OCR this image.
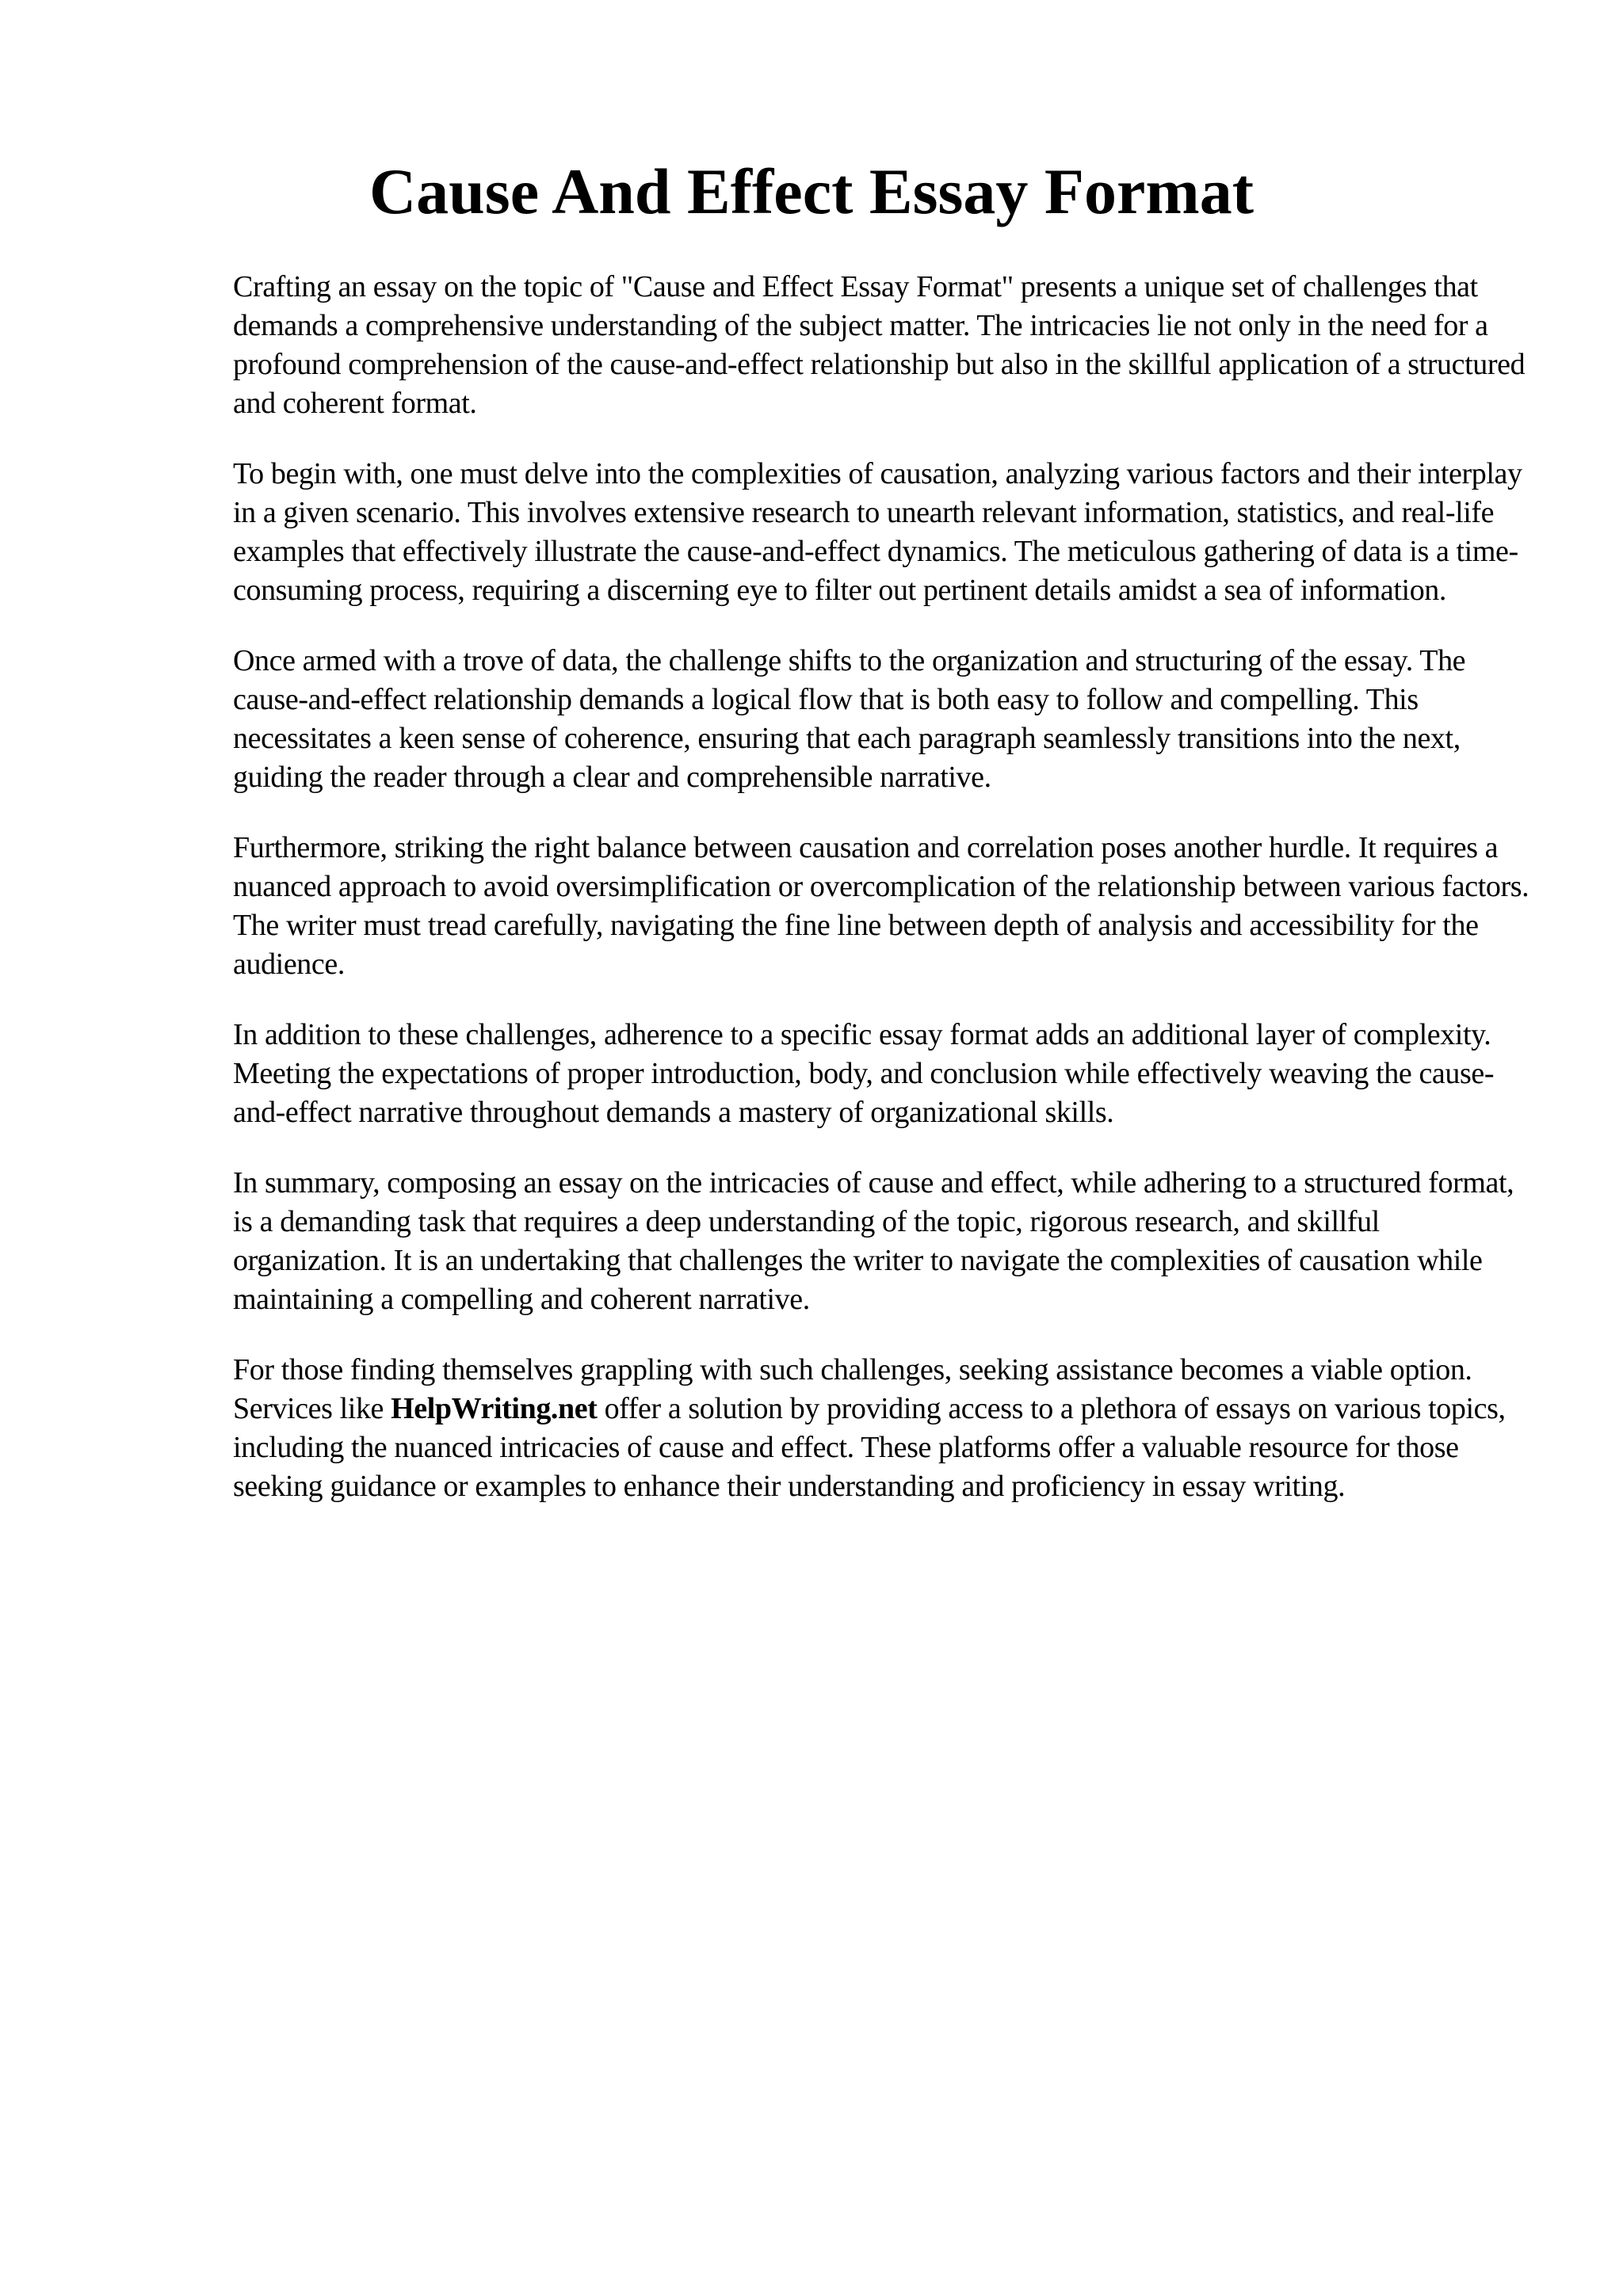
Cause And Effect Essay Format

Crafting an essay on the topic of "Cause and Effect Essay Format" presents a unique set of challenges that demands a comprehensive understanding of the subject matter. The intricacies lie not only in the need for a profound comprehension of the cause-and-effect relationship but also in the skillful application of a structured and coherent format.

To begin with, one must delve into the complexities of causation, analyzing various factors and their interplay in a given scenario. This involves extensive research to unearth relevant information, statistics, and real-life examples that effectively illustrate the cause-and-effect dynamics. The meticulous gathering of data is a time-consuming process, requiring a discerning eye to filter out pertinent details amidst a sea of information.

Once armed with a trove of data, the challenge shifts to the organization and structuring of the essay. The cause-and-effect relationship demands a logical flow that is both easy to follow and compelling. This necessitates a keen sense of coherence, ensuring that each paragraph seamlessly transitions into the next, guiding the reader through a clear and comprehensible narrative.

Furthermore, striking the right balance between causation and correlation poses another hurdle. It requires a nuanced approach to avoid oversimplification or overcomplication of the relationship between various factors. The writer must tread carefully, navigating the fine line between depth of analysis and accessibility for the audience.

In addition to these challenges, adherence to a specific essay format adds an additional layer of complexity. Meeting the expectations of proper introduction, body, and conclusion while effectively weaving the cause-and-effect narrative throughout demands a mastery of organizational skills.

In summary, composing an essay on the intricacies of cause and effect, while adhering to a structured format, is a demanding task that requires a deep understanding of the topic, rigorous research, and skillful organization. It is an undertaking that challenges the writer to navigate the complexities of causation while maintaining a compelling and coherent narrative.

For those finding themselves grappling with such challenges, seeking assistance becomes a viable option. Services like HelpWriting.net offer a solution by providing access to a plethora of essays on various topics, including the nuanced intricacies of cause and effect. These platforms offer a valuable resource for those seeking guidance or examples to enhance their understanding and proficiency in essay writing.
